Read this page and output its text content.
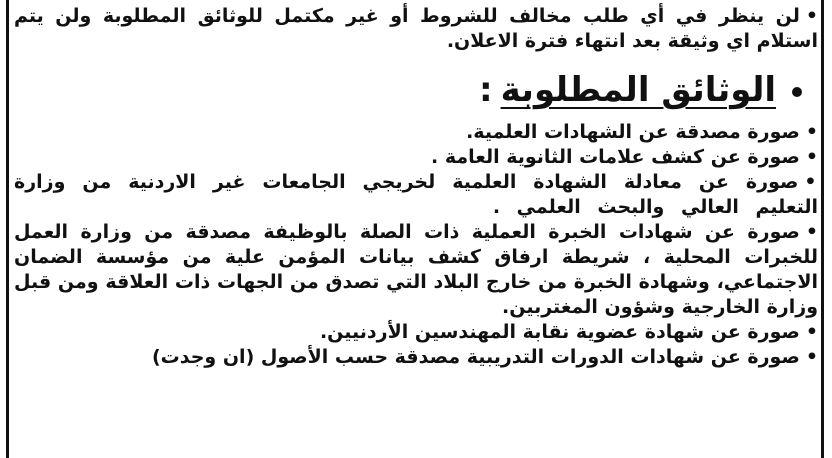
•لن ينظر في أي طلب مخالف للشروط أو غير مكتمل للوثائق المطلوبة ولن يتم استلام اي وثيقة بعد انتهاء فترة الاعلان.

الوثائق المطلوبة:

•صورة مصدقة عن الشهادات العلمية.

•صورة عن كشف علامات الثانوية العامة .

•صورة عن معادلة الشهادة العلمية لخريجي الجامعات غير الاردنية من وزارة التعليم العالي والبحث العلمي .

•صورة عن شهادات الخبرة العملية ذات الصلة بالوظيفة مصدقة من وزارة العمل للخبرات المحلية ، شريطة ارفاق كشف بيانات المؤمن علية من مؤسسة الضمان الاجتماعي، وشهادة الخبرة من خارج البلاد التي تصدق من الجهات ذات العلاقة ومن قبل وزارة الخارجية وشؤون المغتربين.

•صورة عن شهادة عضوية نقابة المهندسين الأردنيين.

•صورة عن شهادات الدورات التدريبية مصدقة حسب الأصول (ان وجدت)
